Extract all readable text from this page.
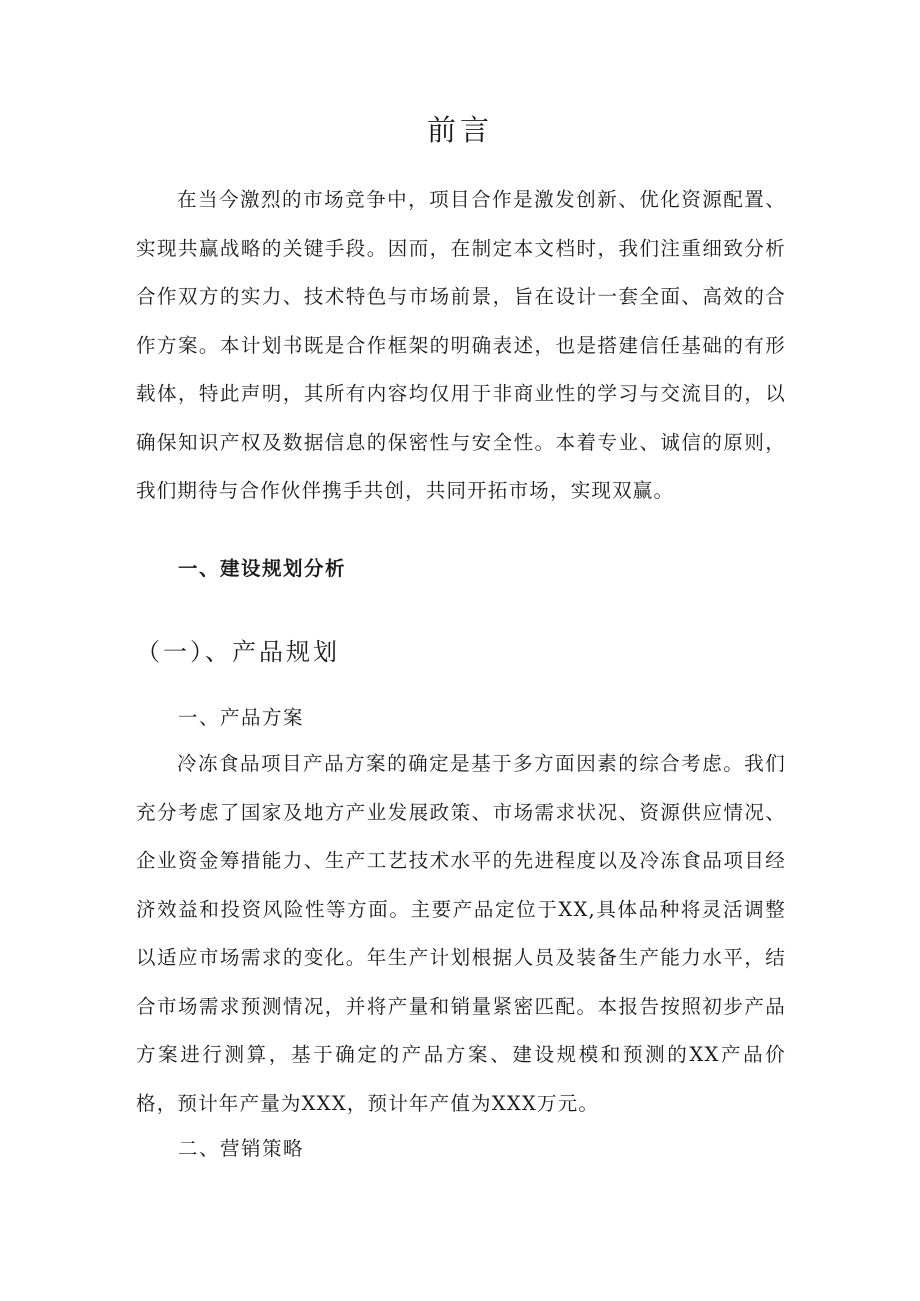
前言

在当今激烈的市场竞争中，项目合作是激发创新、优化资源配置、实现共赢战略的关键手段。因而，在制定本文档时，我们注重细致分析合作双方的实力、技术特色与市场前景，旨在设计一套全面、高效的合作方案。本计划书既是合作框架的明确表述，也是搭建信任基础的有形载体，特此声明，其所有内容均仅用于非商业性的学习与交流目的，以确保知识产权及数据信息的保密性与安全性。本着专业、诚信的原则，我们期待与合作伙伴携手共创，共同开拓市场，实现双赢。

一、建设规划分析
（一）、产品规划
一、产品方案

冷冻食品项目产品方案的确定是基于多方面因素的综合考虑。我们充分考虑了国家及地方产业发展政策、市场需求状况、资源供应情况、企业资金筹措能力、生产工艺技术水平的先进程度以及冷冻食品项目经济效益和投资风险性等方面。主要产品定位于XX,具体品种将灵活调整以适应市场需求的变化。年生产计划根据人员及装备生产能力水平，结合市场需求预测情况，并将产量和销量紧密匹配。本报告按照初步产品方案进行测算，基于确定的产品方案、建设规模和预测的XX产品价格，预计年产量为XXX，预计年产值为XXX万元。

二、营销策略
